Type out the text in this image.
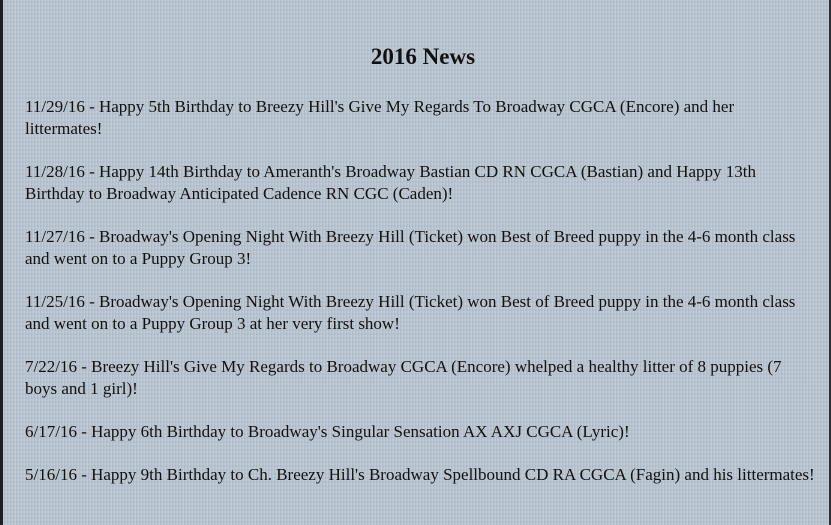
2016 News

11/29/16 - Happy 5th Birthday to Breezy Hill's Give My Regards To Broadway CGCA (Encore) and her littermates!

11/28/16 - Happy 14th Birthday to Ameranth's Broadway Bastian CD RN CGCA (Bastian) and Happy 13th Birthday to Broadway Anticipated Cadence RN CGC (Caden)!

11/27/16 - Broadway's Opening Night With Breezy Hill (Ticket) won Best of Breed puppy in the 4-6 month class and went on to a Puppy Group 3!

11/25/16 - Broadway's Opening Night With Breezy Hill (Ticket) won Best of Breed puppy in the 4-6 month class and went on to a Puppy Group 3 at her very first show!

7/22/16 - Breezy Hill's Give My Regards to Broadway CGCA (Encore) whelped a healthy litter of 8 puppies (7 boys and 1 girl)!

6/17/16 - Happy 6th Birthday to Broadway's Singular Sensation AX AXJ CGCA (Lyric)!

5/16/16 - Happy 9th Birthday to Ch. Breezy Hill's Broadway Spellbound CD RA CGCA (Fagin) and his littermates!
